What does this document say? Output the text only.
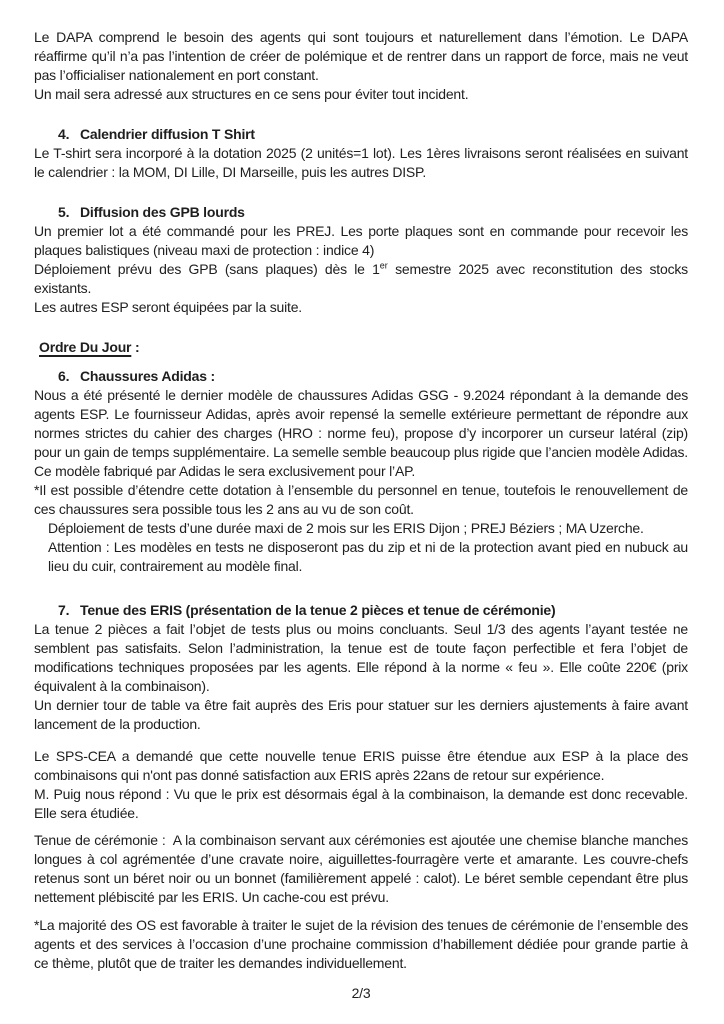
Le DAPA comprend le besoin des agents qui sont toujours et naturellement dans l’émotion. Le DAPA réaffirme qu’il n’a pas l’intention de créer de polémique et de rentrer dans un rapport de force, mais ne veut pas l’officialiser nationalement en port constant.

Un mail sera adressé aux structures en ce sens pour éviter tout incident.

4. Calendrier diffusion T Shirt

Le T-shirt sera incorporé à la dotation 2025 (2 unités=1 lot). Les 1ères livraisons seront réalisées en suivant le calendrier : la MOM, DI Lille, DI Marseille, puis les autres DISP.

5. Diffusion des GPB lourds

Un premier lot a été commandé pour les PREJ. Les porte plaques sont en commande pour recevoir les plaques balistiques (niveau maxi de protection : indice 4)

Déploiement prévu des GPB (sans plaques) dès le 1er semestre 2025 avec reconstitution des stocks existants.

Les autres ESP seront équipées par la suite.

Ordre Du Jour :
6. Chaussures Adidas :

Nous a été présenté le dernier modèle de chaussures Adidas GSG - 9.2024 répondant à la demande des agents ESP. Le fournisseur Adidas, après avoir repensé la semelle extérieure permettant de répondre aux normes strictes du cahier des charges (HRO : norme feu), propose d’y incorporer un curseur latéral (zip) pour un gain de temps supplémentaire. La semelle semble beaucoup plus rigide que l’ancien modèle Adidas. Ce modèle fabriqué par Adidas le sera exclusivement pour l’AP.

*Il est possible d’étendre cette dotation à l’ensemble du personnel en tenue, toutefois le renouvellement de ces chaussures sera possible tous les 2 ans au vu de son coût.

Déploiement de tests d’une durée maxi de 2 mois sur les ERIS Dijon ; PREJ Béziers ; MA Uzerche.

Attention : Les modèles en tests ne disposeront pas du zip et ni de la protection avant pied en nubuck au lieu du cuir, contrairement au modèle final.

7. Tenue des ERIS (présentation de la tenue 2 pièces et tenue de cérémonie)

La tenue 2 pièces a fait l’objet de tests plus ou moins concluants. Seul 1/3 des agents l’ayant testée ne semblent pas satisfaits. Selon l’administration, la tenue est de toute façon perfectible et fera l’objet de modifications techniques proposées par les agents. Elle répond à la norme « feu ». Elle coûte 220€ (prix équivalent à la combinaison).

Un dernier tour de table va être fait auprès des Eris pour statuer sur les derniers ajustements à faire avant lancement de la production.

Le SPS-CEA a demandé que cette nouvelle tenue ERIS puisse être étendue aux ESP à la place des combinaisons qui n'ont pas donné satisfaction aux ERIS après 22ans de retour sur expérience.

M. Puig nous répond : Vu que le prix est désormais égal à la combinaison, la demande est donc recevable. Elle sera étudiée.

Tenue de cérémonie :  A la combinaison servant aux cérémonies est ajoutée une chemise blanche manches longues à col agrémentée d’une cravate noire, aiguillettes-fourragère verte et amarante. Les couvre-chefs retenus sont un béret noir ou un bonnet (familièrement appelé : calot). Le béret semble cependant être plus nettement plébiscité par les ERIS. Un cache-cou est prévu.

*La majorité des OS est favorable à traiter le sujet de la révision des tenues de cérémonie de l’ensemble des agents et des services à l’occasion d’une prochaine commission d’habillement dédiée pour grande partie à ce thème, plutôt que de traiter les demandes individuellement.

2/3
